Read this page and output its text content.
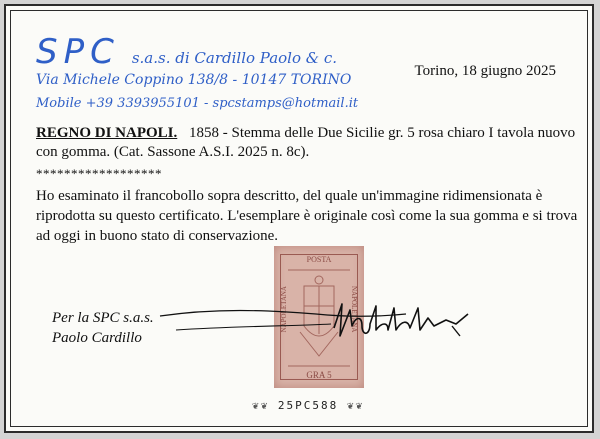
SPC s.a.s. di Cardillo Paolo & c.
Via Michele Coppino 138/8 - 10147 TORINO
Mobile +39 3393955101 - spcstamps@hotmail.it
Torino, 18 giugno 2025
REGNO DI NAPOLI. 1858 - Stemma delle Due Sicilie gr. 5 rosa chiaro I tavola nuovo con gomma. (Cat. Sassone A.S.I. 2025 n. 8c).
******************
Ho esaminato il francobollo sopra descritto, del quale un'immagine ridimensionata è riprodotta su questo certificato. L'esemplare è originale così come la sua gomma e si trova ad oggi in buono stato di conservazione.
POSTA
NAPOLETANA	NAPOLETANA
GRA 5
Per la SPC s.a.s.
Paolo Cardillo
❦❦ 25PC588 ❦❦
